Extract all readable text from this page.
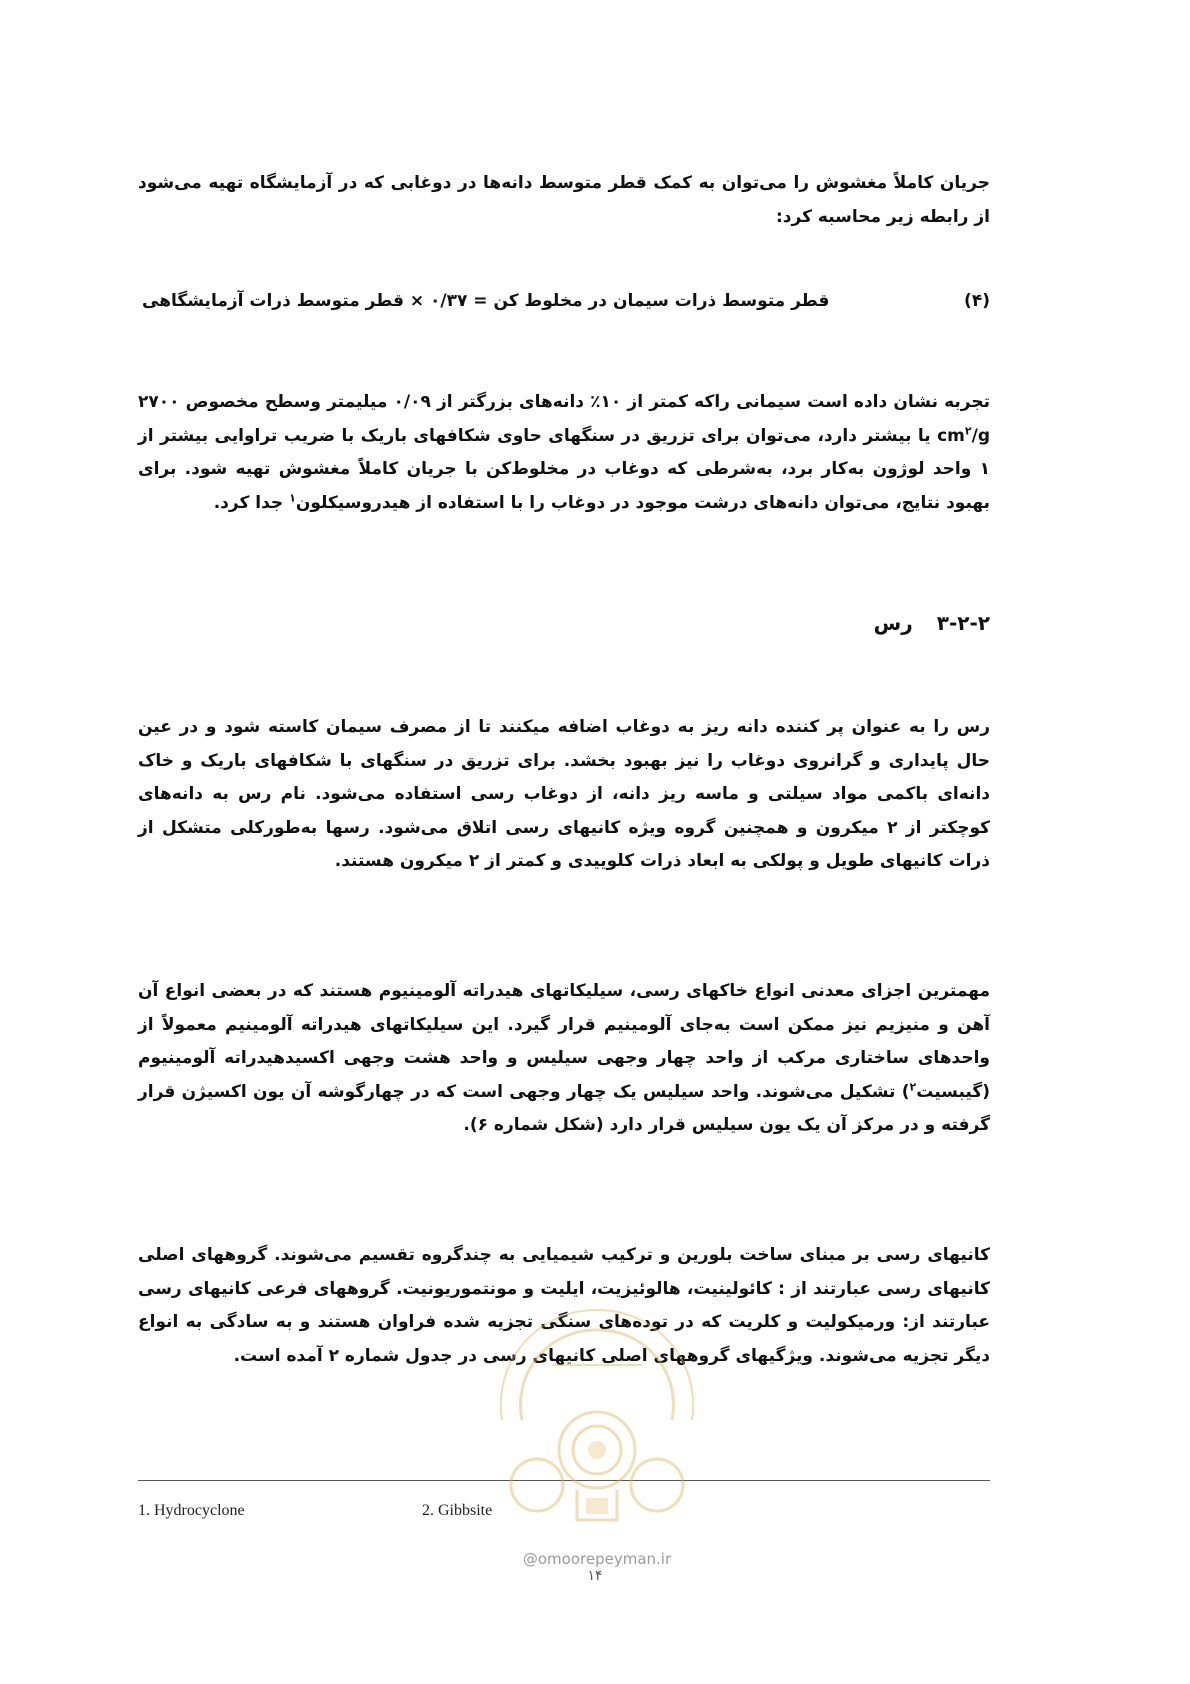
جریان کاملاً مغشوش را می‌توان به کمک قطر متوسط دانه‌ها در دوغابی که در آزمایشگاه تهیه می‌شود از رابطه زیر محاسبه کرد:

(۴)
قطر متوسط ذرات سیمان در مخلوط کن = ۰/۳۷ × قطر متوسط ذرات آزمایشگاهی

تجربه نشان داده است سیمانی راکه کمتر از ۱۰٪ دانه‌های بزرگتر از ۰/۰۹ میلیمتر وسطح مخصوص ۲۷۰۰ $cm^۲/g$ یا بیشتر دارد، می‌توان برای تزریق در سنگهای حاوی شکافهای باریک با ضریب تراوایی بیشتر از ۱ واحد لوژون به‌کار برد، به‌شرطی که دوغاب در مخلوط‌کن با جریان کاملاً مغشوش تهیه شود. برای بهبود نتایج، می‌توان دانه‌های درشت موجود در دوغاب را با استفاده از هیدروسیکلون$^۱$ جدا کرد.

۳-۲-۲رس

رس را به عنوان پر کننده دانه ریز به دوغاب اضافه میکنند تا از مصرف سیمان کاسته شود و در عین حال پایداری و گرانروی دوغاب را نیز بهبود بخشد. برای تزریق در سنگهای با شکافهای باریک و خاک دانه‌ای باکمی مواد سیلتی و ماسه ریز دانه، از دوغاب رسی استفاده می‌شود. نام رس به دانه‌های کوچکتر از ۲ میکرون و همچنین گروه ویژه کانیهای رسی اتلاق می‌شود. رسها به‌طورکلی متشکل از ذرات کانیهای طویل و پولکی به ابعاد ذرات کلوییدی و کمتر از ۲ میکرون هستند.

مهمترین اجزای معدنی انواع خاکهای رسی، سیلیکاتهای هیدراته آلومینیوم هستند که در بعضی انواع آن آهن و منیزیم نیز ممکن است به‌جای آلومینیم قرار گیرد. این سیلیکاتهای هیدراته آلومینیم معمولاً از واحدهای ساختاری مرکب از واحد چهار وجهی سیلیس و واحد هشت وجهی اکسیدهیدراته آلومینیوم (گیبسیت$^۲$) تشکیل می‌شوند. واحد سیلیس یک چهار وجهی است که در چهارگوشه آن یون اکسیژن قرار گرفته و در مرکز آن یک یون سیلیس قرار دارد (شکل شماره ۶).

کانیهای رسی بر مبنای ساخت بلورین و ترکیب شیمیایی به چندگروه تقسیم می‌شوند. گروههای اصلی کانیهای رسی عبارتند از : کائولینیت، هالوئیزیت، ایلیت و مونتموریونیت. گروههای فرعی کانیهای رسی عبارتند از: ورمیکولیت و کلریت که در توده‌های سنگی تجزیه شده فراوان هستند و به سادگی به انواع دیگر تجزیه می‌شوند. ویژگیهای گروههای اصلی کانیهای رسی در جدول شماره ۲ آمده است.

1. Hydrocyclone	2. Gibbsite
@omoorepeyman.ir
۱۴
